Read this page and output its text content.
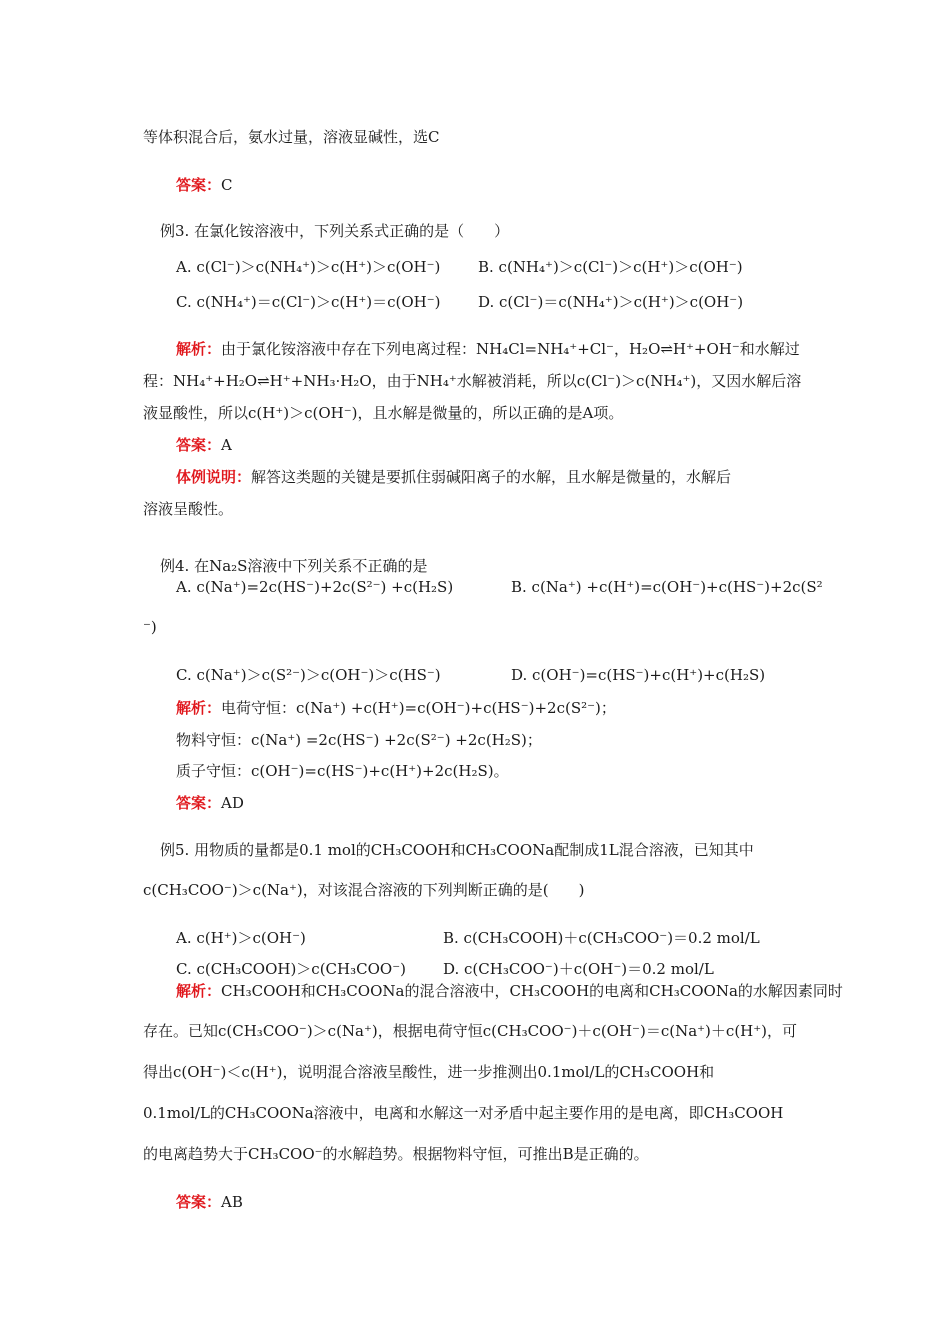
等体积混合后，氨水过量，溶液显碱性，选C
答案：C
例3. 在氯化铵溶液中，下列关系式正确的是（　　）
A. c(Cl⁻)＞c(NH₄⁺)＞c(H⁺)＞c(OH⁻)	B. c(NH₄⁺)＞c(Cl⁻)＞c(H⁺)＞c(OH⁻)
C. c(NH₄⁺)＝c(Cl⁻)＞c(H⁺)＝c(OH⁻) D. c(Cl⁻)＝c(NH₄⁺)＞c(H⁺)＞c(OH⁻)
解析：由于氯化铵溶液中存在下列电离过程：NH₄Cl=NH₄⁺+Cl⁻，H₂O⇌H⁺+OH⁻和水解过
程：NH₄⁺+H₂O⇌H⁺+NH₃·H₂O，由于NH₄⁺水解被消耗，所以c(Cl⁻)＞c(NH₄⁺)，又因水解后溶
液显酸性，所以c(H⁺)＞c(OH⁻)，且水解是微量的，所以正确的是A项。
答案：A
体例说明：解答这类题的关键是要抓住弱碱阳离子的水解，且水解是微量的，水解后
溶液呈酸性。
例4. 在Na₂S溶液中下列关系不正确的是
A. c(Na⁺)=2c(HS⁻)+2c(S²⁻) +c(H₂S)	B. c(Na⁺) +c(H⁺)=c(OH⁻)+c(HS⁻)+2c(S²
⁻)
C. c(Na⁺)＞c(S²⁻)＞c(OH⁻)＞c(HS⁻)	D. c(OH⁻)=c(HS⁻)+c(H⁺)+c(H₂S)
解析：电荷守恒：c(Na⁺) +c(H⁺)=c(OH⁻)+c(HS⁻)+2c(S²⁻)；
物料守恒：c(Na⁺) =2c(HS⁻) +2c(S²⁻) +2c(H₂S)；
质子守恒：c(OH⁻)=c(HS⁻)+c(H⁺)+2c(H₂S)。
答案：AD
例5. 用物质的量都是0.1 mol的CH₃COOH和CH₃COONa配制成1L混合溶液，已知其中
c(CH₃COO⁻)＞c(Na⁺)，对该混合溶液的下列判断正确的是(　　)
A. c(H⁺)＞c(OH⁻)	B. c(CH₃COOH)＋c(CH₃COO⁻)＝0.2 mol/L
C. c(CH₃COOH)＞c(CH₃COO⁻) D. c(CH₃COO⁻)＋c(OH⁻)＝0.2 mol/L
解析：CH₃COOH和CH₃COONa的混合溶液中，CH₃COOH的电离和CH₃COONa的水解因素同时
存在。已知c(CH₃COO⁻)＞c(Na⁺)，根据电荷守恒c(CH₃COO⁻)＋c(OH⁻)＝c(Na⁺)＋c(H⁺)，可
得出c(OH⁻)＜c(H⁺)，说明混合溶液呈酸性，进一步推测出0.1mol/L的CH₃COOH和
0.1mol/L的CH₃COONa溶液中，电离和水解这一对矛盾中起主要作用的是电离，即CH₃COOH
的电离趋势大于CH₃COO⁻的水解趋势。根据物料守恒，可推出B是正确的。
答案：AB
